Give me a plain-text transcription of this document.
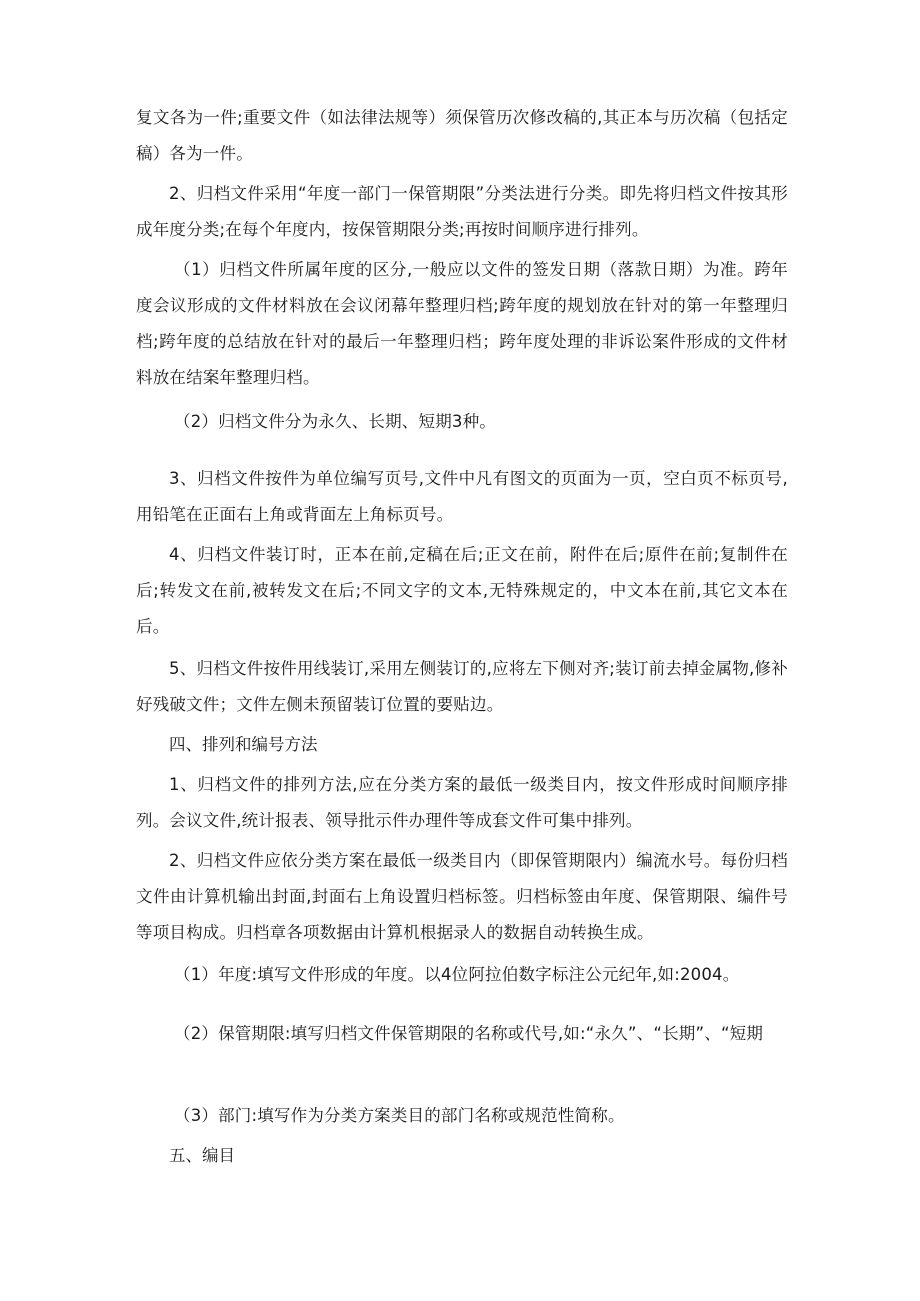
复文各为一件;重要文件（如法律法规等）须保管历次修改稿的,其正本与历次稿（包括定稿）各为一件。

2、归档文件采用“年度一部门一保管期限”分类法进行分类。即先将归档文件按其形成年度分类;在每个年度内，按保管期限分类;再按时间顺序进行排列。

（1）归档文件所属年度的区分,一般应以文件的签发日期（落款日期）为准。跨年度会议形成的文件材料放在会议闭幕年整理归档;跨年度的规划放在针对的第一年整理归档;跨年度的总结放在针对的最后一年整理归档；跨年度处理的非诉讼案件形成的文件材料放在结案年整理归档。

（2）归档文件分为永久、长期、短期3种。

3、归档文件按件为单位编写页号,文件中凡有图文的页面为一页，空白页不标页号,用铅笔在正面右上角或背面左上角标页号。

4、归档文件装订时，正本在前,定稿在后;正文在前，附件在后;原件在前;复制件在后;转发文在前,被转发文在后;不同文字的文本,无特殊规定的，中文本在前,其它文本在后。

5、归档文件按件用线装订,采用左侧装订的,应将左下侧对齐;装订前去掉金属物,修补好残破文件；文件左侧未预留装订位置的要贴边。

四、排列和编号方法

1、归档文件的排列方法,应在分类方案的最低一级类目内，按文件形成时间顺序排列。会议文件,统计报表、领导批示件办理件等成套文件可集中排列。

2、归档文件应依分类方案在最低一级类目内（即保管期限内）编流水号。每份归档文件由计算机输出封面,封面右上角设置归档标签。归档标签由年度、保管期限、编件号等项目构成。归档章各项数据由计算机根据录人的数据自动转换生成。

（1）年度:填写文件形成的年度。以4位阿拉伯数字标注公元纪年,如:2004。

（2）保管期限:填写归档文件保管期限的名称或代号,如:“永久”、“长期”、“短期

（3）部门:填写作为分类方案类目的部门名称或规范性简称。

五、编目
